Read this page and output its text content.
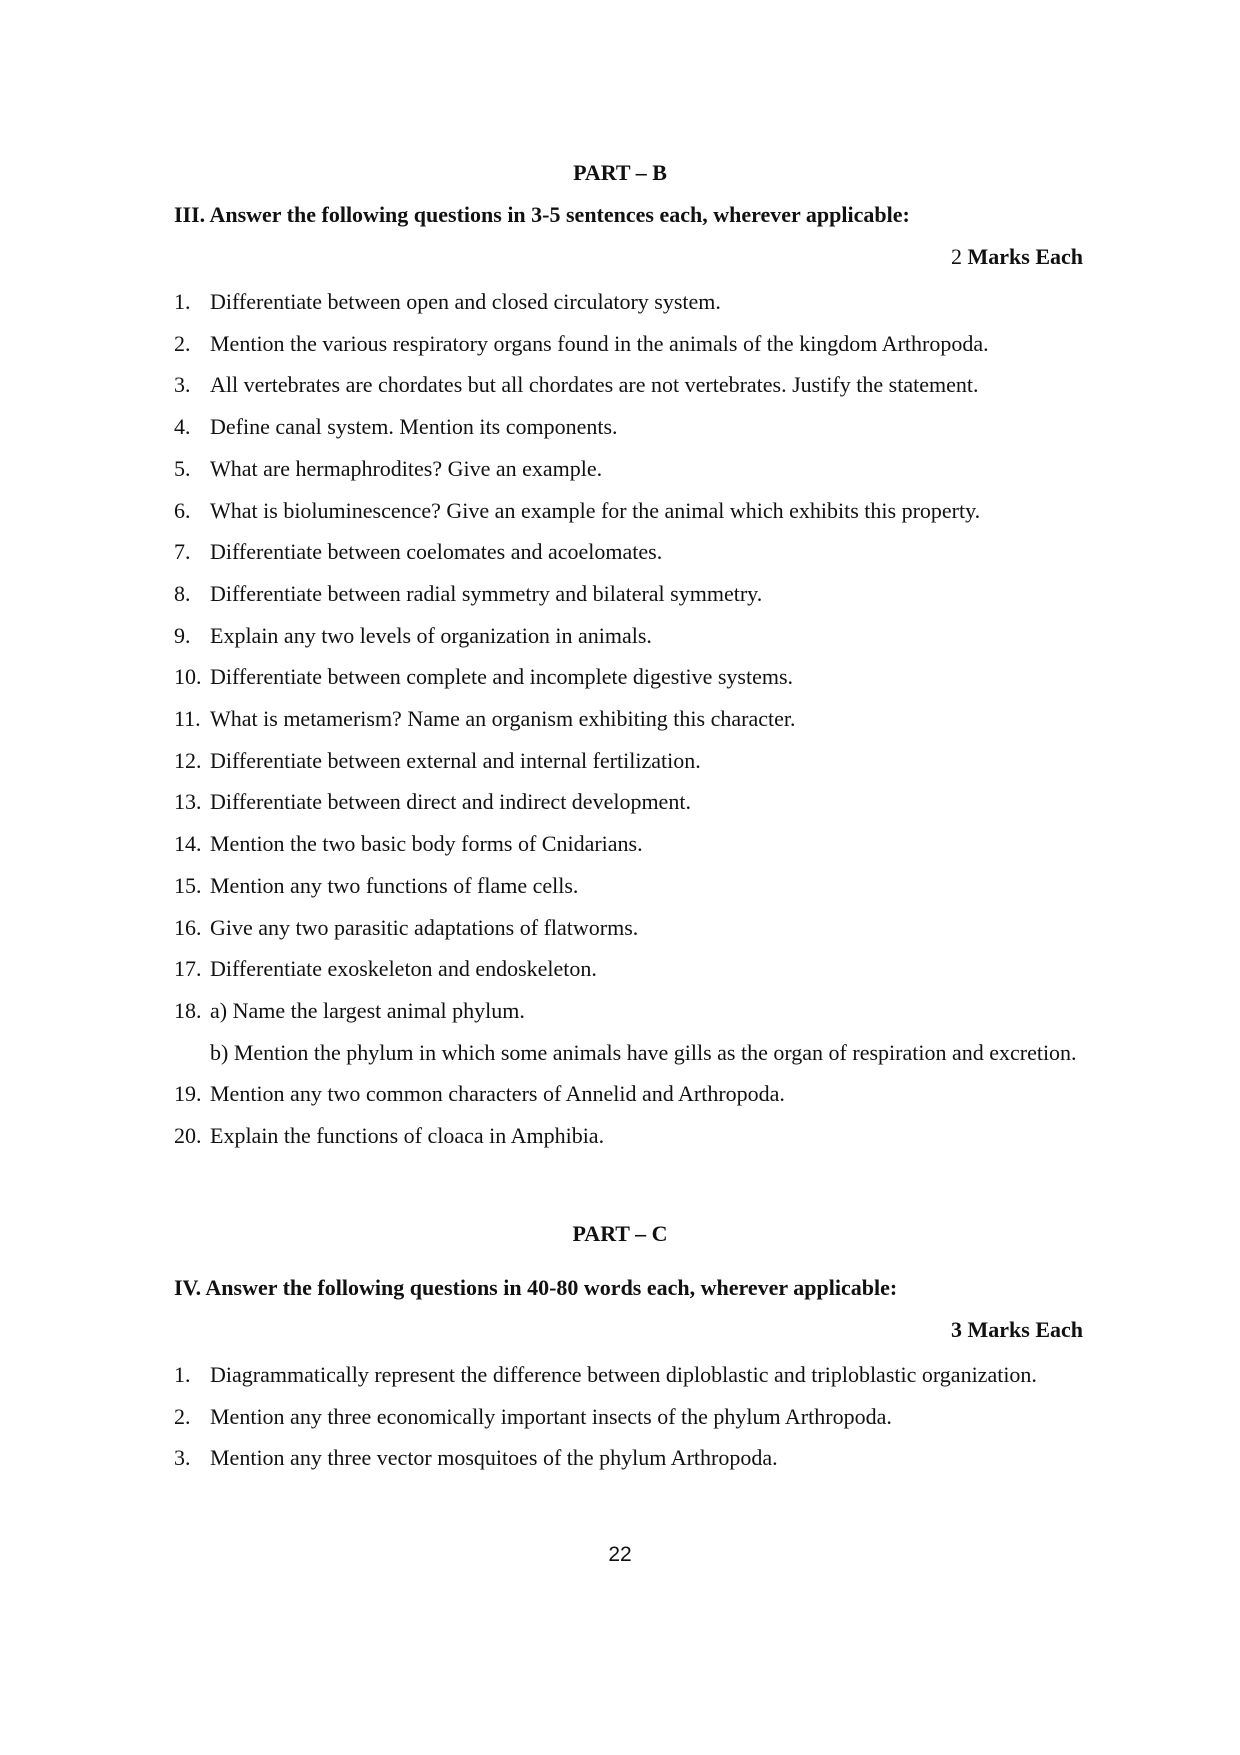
PART – B
III. Answer the following questions in 3-5 sentences each, wherever applicable:
2 Marks Each
1. Differentiate between open and closed circulatory system.
2. Mention the various respiratory organs found in the animals of the kingdom Arthropoda.
3. All vertebrates are chordates but all chordates are not vertebrates. Justify the statement.
4. Define canal system. Mention its components.
5. What are hermaphrodites? Give an example.
6. What is bioluminescence? Give an example for the animal which exhibits this property.
7. Differentiate between coelomates and acoelomates.
8. Differentiate between radial symmetry and bilateral symmetry.
9. Explain any two levels of organization in animals.
10. Differentiate between complete and incomplete digestive systems.
11. What is metamerism? Name an organism exhibiting this character.
12. Differentiate between external and internal fertilization.
13. Differentiate between direct and indirect development.
14. Mention the two basic body forms of Cnidarians.
15. Mention any two functions of flame cells.
16. Give any two parasitic adaptations of flatworms.
17. Differentiate exoskeleton and endoskeleton.
18. a) Name the largest animal phylum.
b) Mention the phylum in which some animals have gills as the organ of respiration and excretion.
19. Mention any two common characters of Annelid and Arthropoda.
20. Explain the functions of cloaca in Amphibia.
PART – C
IV. Answer the following questions in 40-80 words each, wherever applicable:
3 Marks Each
1. Diagrammatically represent the difference between diploblastic and triploblastic organization.
2. Mention any three economically important insects of the phylum Arthropoda.
3. Mention any three vector mosquitoes of the phylum Arthropoda.
22
